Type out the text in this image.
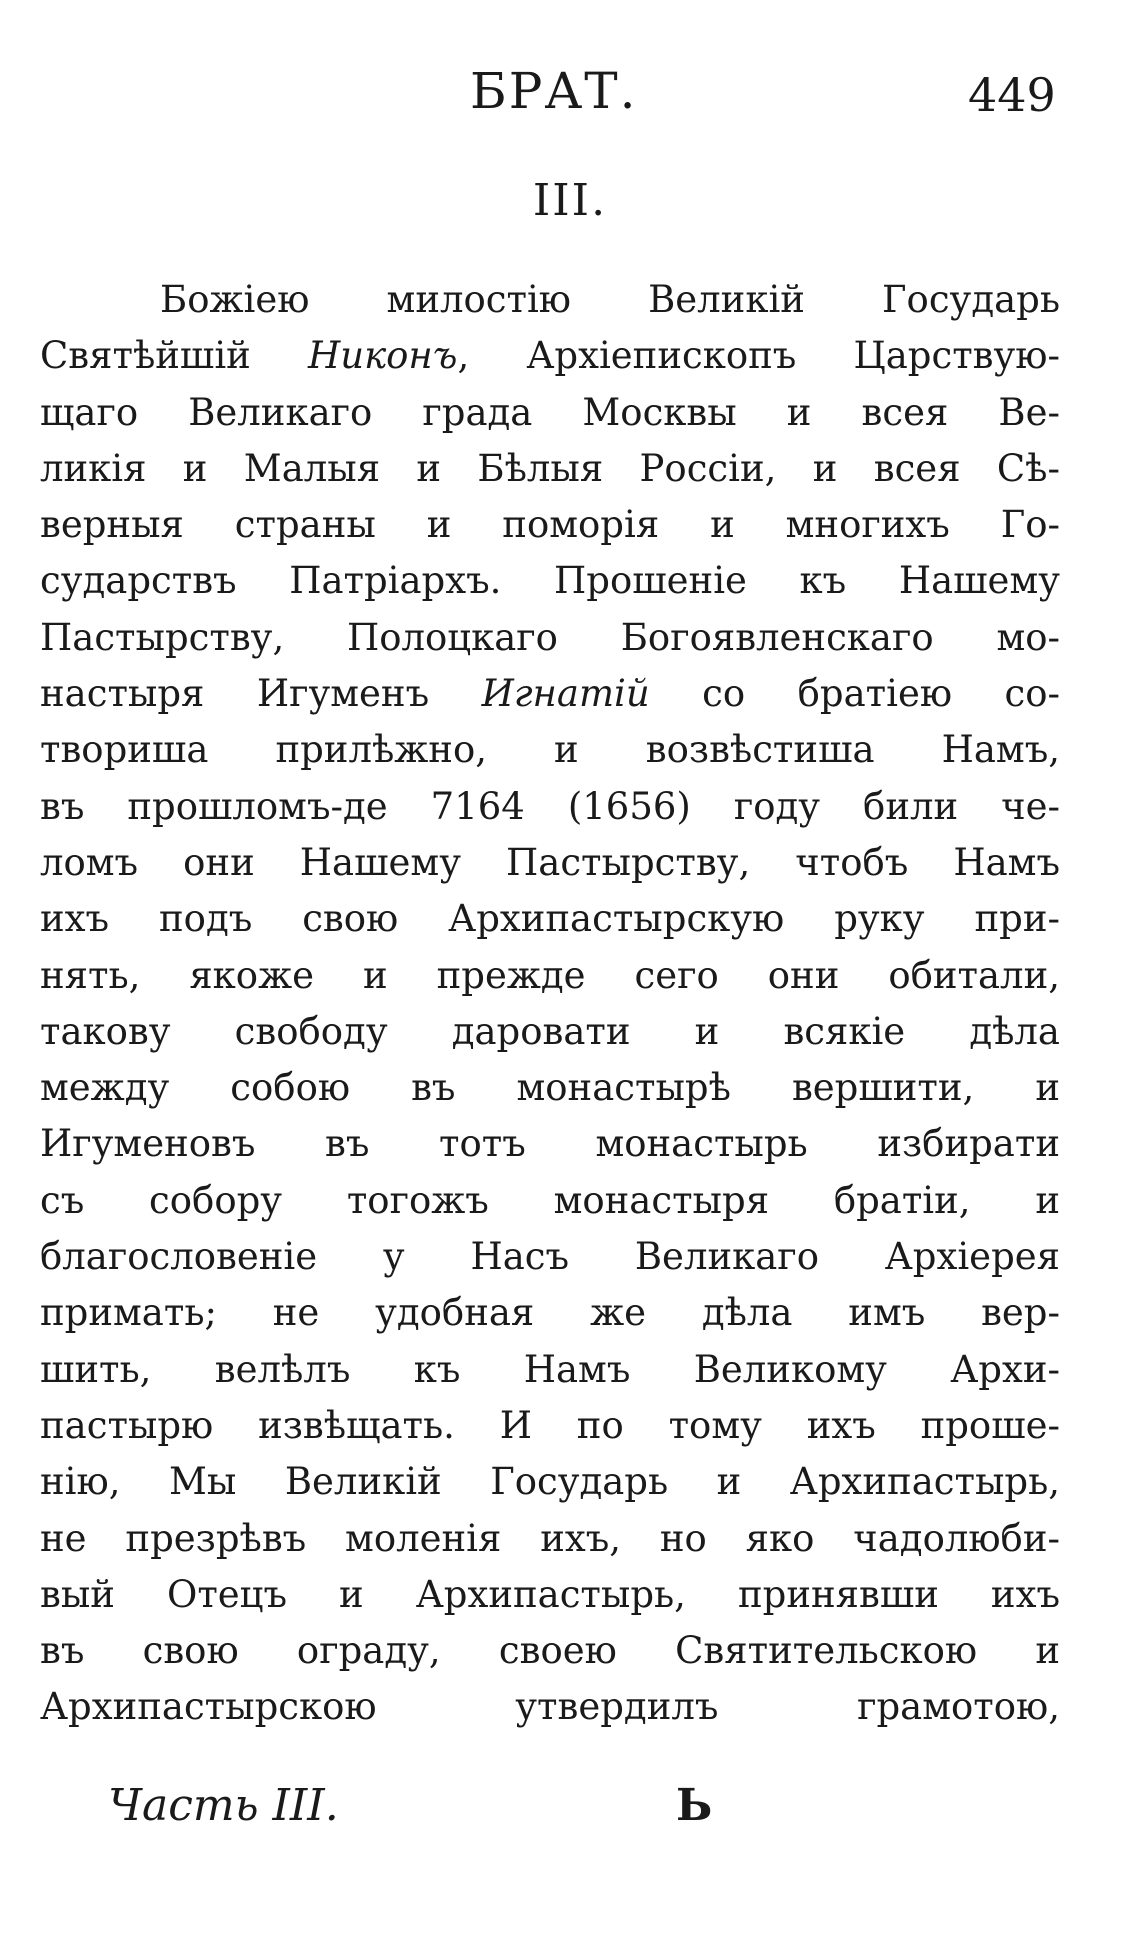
БРАТ.	449
III.
Божiею милостiю Великiй Государь
Святѣйшiй Никонъ, Архiепископъ Царствую-
щаго Великаго града Москвы и всея Ве-
ликiя и Малыя и Бѣлыя Россiи, и всея Сѣ-
верныя страны и поморiя и многихъ Го-
сударствъ Патрiархъ. Прошенiе къ Нашему
Пастырству, Полоцкаго Богоявленскаго мо-
настыря Игуменъ Игнатiй со братiею со-
твориша прилѣжно, и возвѣстиша Намъ,
въ прошломъ-де 7164 (1656) году били че-
ломъ они Нашему Пастырству, чтобъ Намъ
ихъ подъ свою Архипастырскую руку при-
нять, якоже и прежде сего они обитали,
такову свободу даровати и всякiе дѣла
между собою въ монастырѣ вершити, и
Игуменовъ въ тотъ монастырь избирати
съ собору тогожъ монастыря братiи, и
благословенiе у Насъ Великаго Архiерея
примать; не удобная же дѣла имъ вер-
шить, велѣлъ къ Намъ Великому Архи-
пастырю извѣщать. И по тому ихъ проше-
нiю, Мы Великiй Государь и Архипастырь,
не презрѣвъ моленiя ихъ, но яко чадолюби-
вый Отецъ и Архипастырь, принявши ихъ
въ свою ограду, своею Святительскою и
Архипастырскою утвердилъ грамотою,
Часть III.	Ь
